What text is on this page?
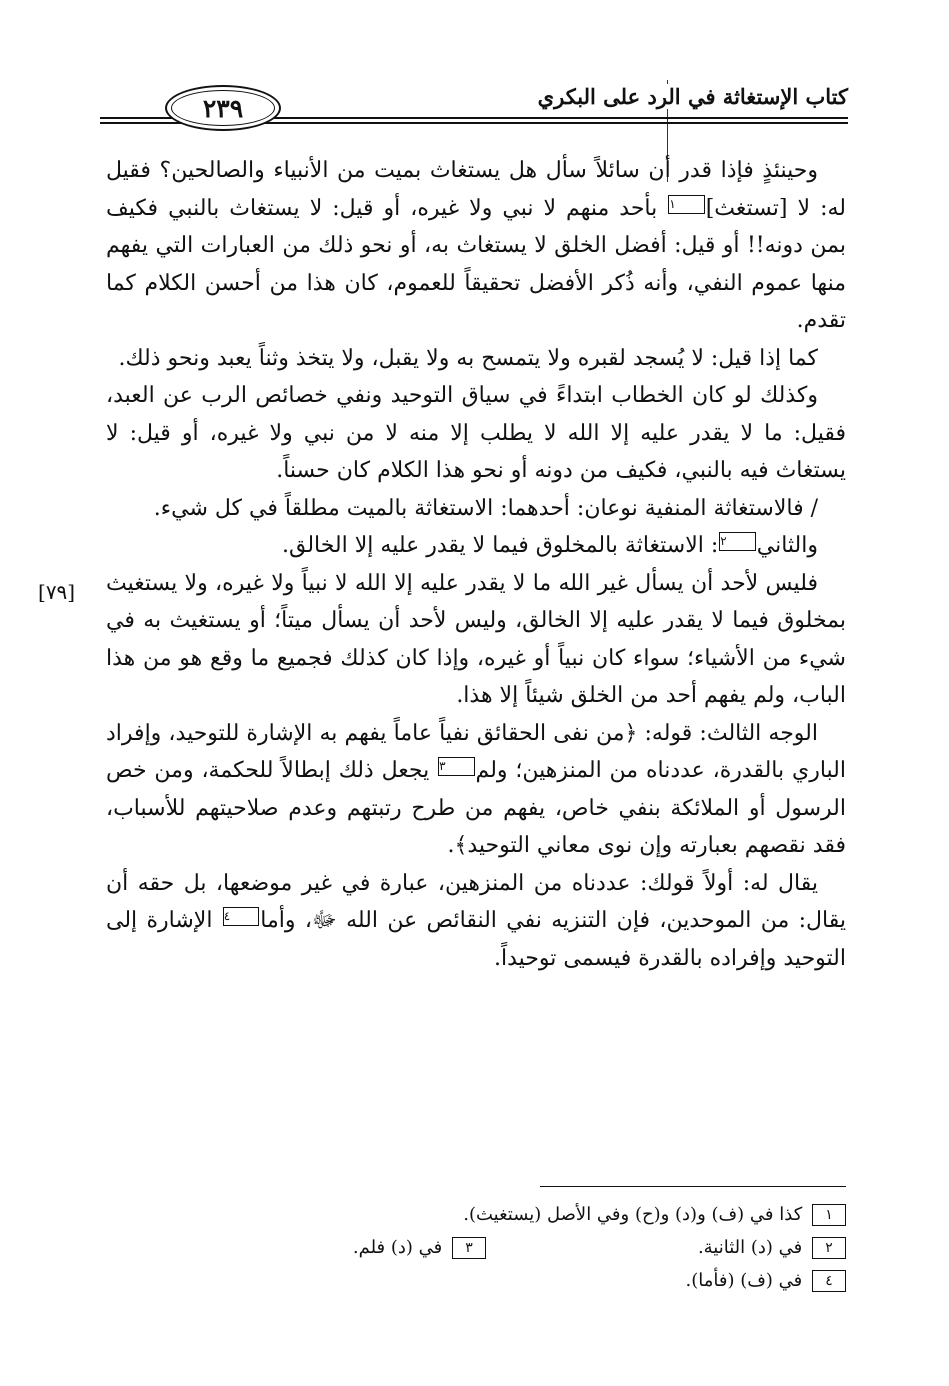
٢٣٩	كتاب الإستغاثة في الرد على البكري
[٧٩]

وحينئذٍ فإذا قدر أن سائلاً سأل هل يستغاث بميت من الأنبياء والصالحين؟ فقيل له: لا [تستغث]١ بأحد منهم لا نبي ولا غيره، أو قيل: لا يستغاث بالنبي فكيف بمن دونه!! أو قيل: أفضل الخلق لا يستغاث به، أو نحو ذلك من العبارات التي يفهم منها عموم النفي، وأنه ذُكر الأفضل تحقيقاً للعموم، كان هذا من أحسن الكلام كما تقدم.

كما إذا قيل: لا يُسجد لقبره ولا يتمسح به ولا يقبل، ولا يتخذ وثناً يعبد ونحو ذلك.

وكذلك لو كان الخطاب ابتداءً في سياق التوحيد ونفي خصائص الرب عن العبد، فقيل: ما لا يقدر عليه إلا الله لا يطلب إلا منه لا من نبي ولا غيره، أو قيل: لا يستغاث فيه بالنبي، فكيف من دونه أو نحو هذا الكلام كان حسناً.

/ فالاستغاثة المنفية نوعان: أحدهما: الاستغاثة بالميت مطلقاً في كل شيء.

والثاني٢: الاستغاثة بالمخلوق فيما لا يقدر عليه إلا الخالق.

فليس لأحد أن يسأل غير الله ما لا يقدر عليه إلا الله لا نبياً ولا غيره، ولا يستغيث بمخلوق فيما لا يقدر عليه إلا الخالق، وليس لأحد أن يسأل ميتاً؛ أو يستغيث به في شيء من الأشياء؛ سواء كان نبياً أو غيره، وإذا كان كذلك فجميع ما وقع هو من هذا الباب، ولم يفهم أحد من الخلق شيئاً إلا هذا.

الوجه الثالث: قوله: ﴿من نفى الحقائق نفياً عاماً يفهم به الإشارة للتوحيد، وإفراد الباري بالقدرة، عددناه من المنزهين؛ ولم٣ يجعل ذلك إبطالاً للحكمة، ومن خص الرسول أو الملائكة بنفي خاص، يفهم من طرح رتبتهم وعدم صلاحيتهم للأسباب، فقد نقصهم بعبارته وإن نوى معاني التوحيد﴾.

يقال له: أولاً قولك: عددناه من المنزهين، عبارة في غير موضعها، بل حقه أن يقال: من الموحدين، فإن التنزيه نفي النقائص عن الله ﷻ، وأما٤ الإشارة إلى التوحيد وإفراده بالقدرة فيسمى توحيداً.

١ كذا في (ف) و(د) و(ح) وفي الأصل (يستغيث).
٢ في (د) الثانية.
٣ في (د) فلم.
٤ في (ف) (فأما).
